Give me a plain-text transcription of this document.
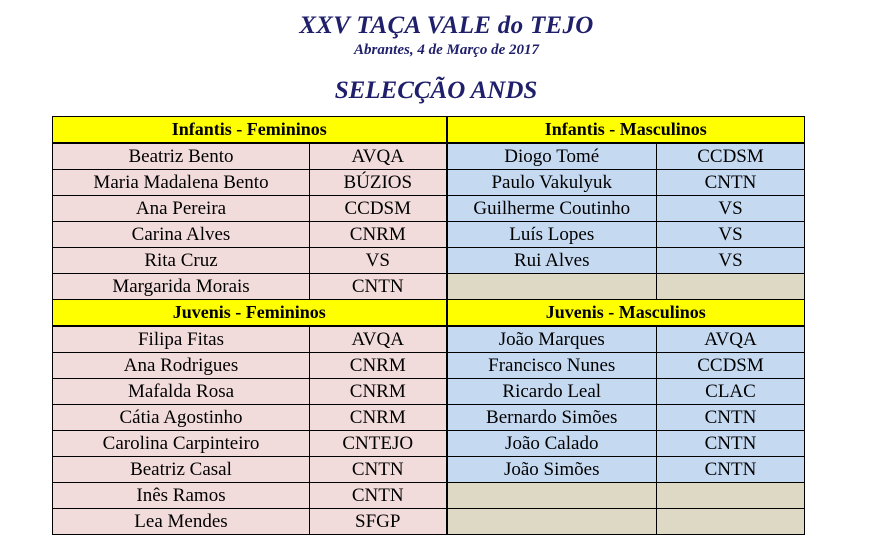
XXV TAÇA VALE do TEJO
Abrantes, 4 de Março de 2017
SELECÇÃO ANDS
Infantis - Femininos		Infantis - Masculinos	
Beatriz Bento	AVQA	Diogo Tomé	CCDSM
Maria Madalena Bento	BÚZIOS	Paulo Vakulyuk	CNTN
Ana Pereira	CCDSM	Guilherme Coutinho	VS
Carina Alves	CNRM	Luís Lopes	VS
Rita Cruz	VS	Rui Alves	VS
Margarida Morais	CNTN		
Juvenis - Femininos		Juvenis - Masculinos	
Filipa Fitas	AVQA	João Marques	AVQA
Ana Rodrigues	CNRM	Francisco Nunes	CCDSM
Mafalda Rosa	CNRM	Ricardo Leal	CLAC
Cátia Agostinho	CNRM	Bernardo Simões	CNTN
Carolina Carpinteiro	CNTEJO	João Calado	CNTN
Beatriz Casal	CNTN	João Simões	CNTN
Inês Ramos	CNTN		
Lea Mendes	SFGP		
